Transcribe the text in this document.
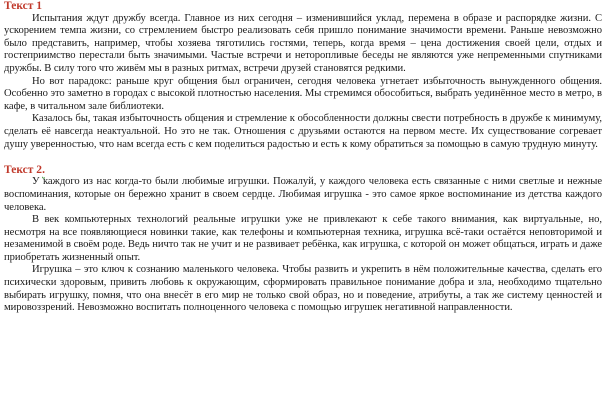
Текст 1

Испытания ждут дружбу всегда. Главное из них сегодня – изменившийся уклад, перемена в образе и распорядке жизни. С ускорением темпа жизни, со стремлением быстро реализовать себя пришло понимание значимости времени. Раньше невозможно было представить, например, чтобы хозяева тяготились гостями, теперь, когда время – цена достижения своей цели, отдых и гостеприимство перестали быть значимыми. Частые встречи и неторопливые беседы не являются уже непременными спутниками дружбы. В силу того что живём мы в разных ритмах, встречи друзей становятся редкими.

Но вот парадокс: раньше круг общения был ограничен, сегодня человека угнетает избыточность вынужденного общения. Особенно это заметно в городах с высокой плотностью населения. Мы стремимся обособиться, выбрать уединённое место в метро, в кафе, в читальном зале библиотеки.

Казалось бы, такая избыточность общения и стремление к обособленности должны свести потребность в дружбе к минимуму, сделать её навсегда неактуальной. Но это не так. Отношения с друзьями остаются на первом месте. Их существование согревает душу уверенностью, что нам всегда есть с кем поделиться радостью и есть к кому обратиться за помощью в самую трудную минуту.

Текст 2.

У каждого из нас когда-то были любимые игрушки. Пожалуй, у каждого человека есть связанные с ними светлые и нежные воспоминания, которые он бережно хранит в своем сердце. Любимая игрушка - это самое яркое воспоминание из детства каждого человека.

В век компьютерных технологий реальные игрушки уже не привлекают к себе такого внимания, как виртуальные, но, несмотря на все появляющиеся новинки такие, как телефоны и компьютерная техника, игрушка всё-таки остаётся неповторимой и незаменимой в своём роде. Ведь ничто так не учит и не развивает ребёнка, как игрушка, с которой он может общаться, играть и даже приобретать жизненный опыт.

Игрушка – это ключ к сознанию маленького человека. Чтобы развить и укрепить в нём положительные качества, сделать его психически здоровым, привить любовь к окружающим, сформировать правильное понимание добра и зла, необходимо тщательно выбирать игрушку, помня, что она внесёт в его мир не только свой образ, но и поведение, атрибуты, а так же систему ценностей и мировоззрений. Невозможно воспитать полноценного человека с помощью игрушек негативной направленности.
